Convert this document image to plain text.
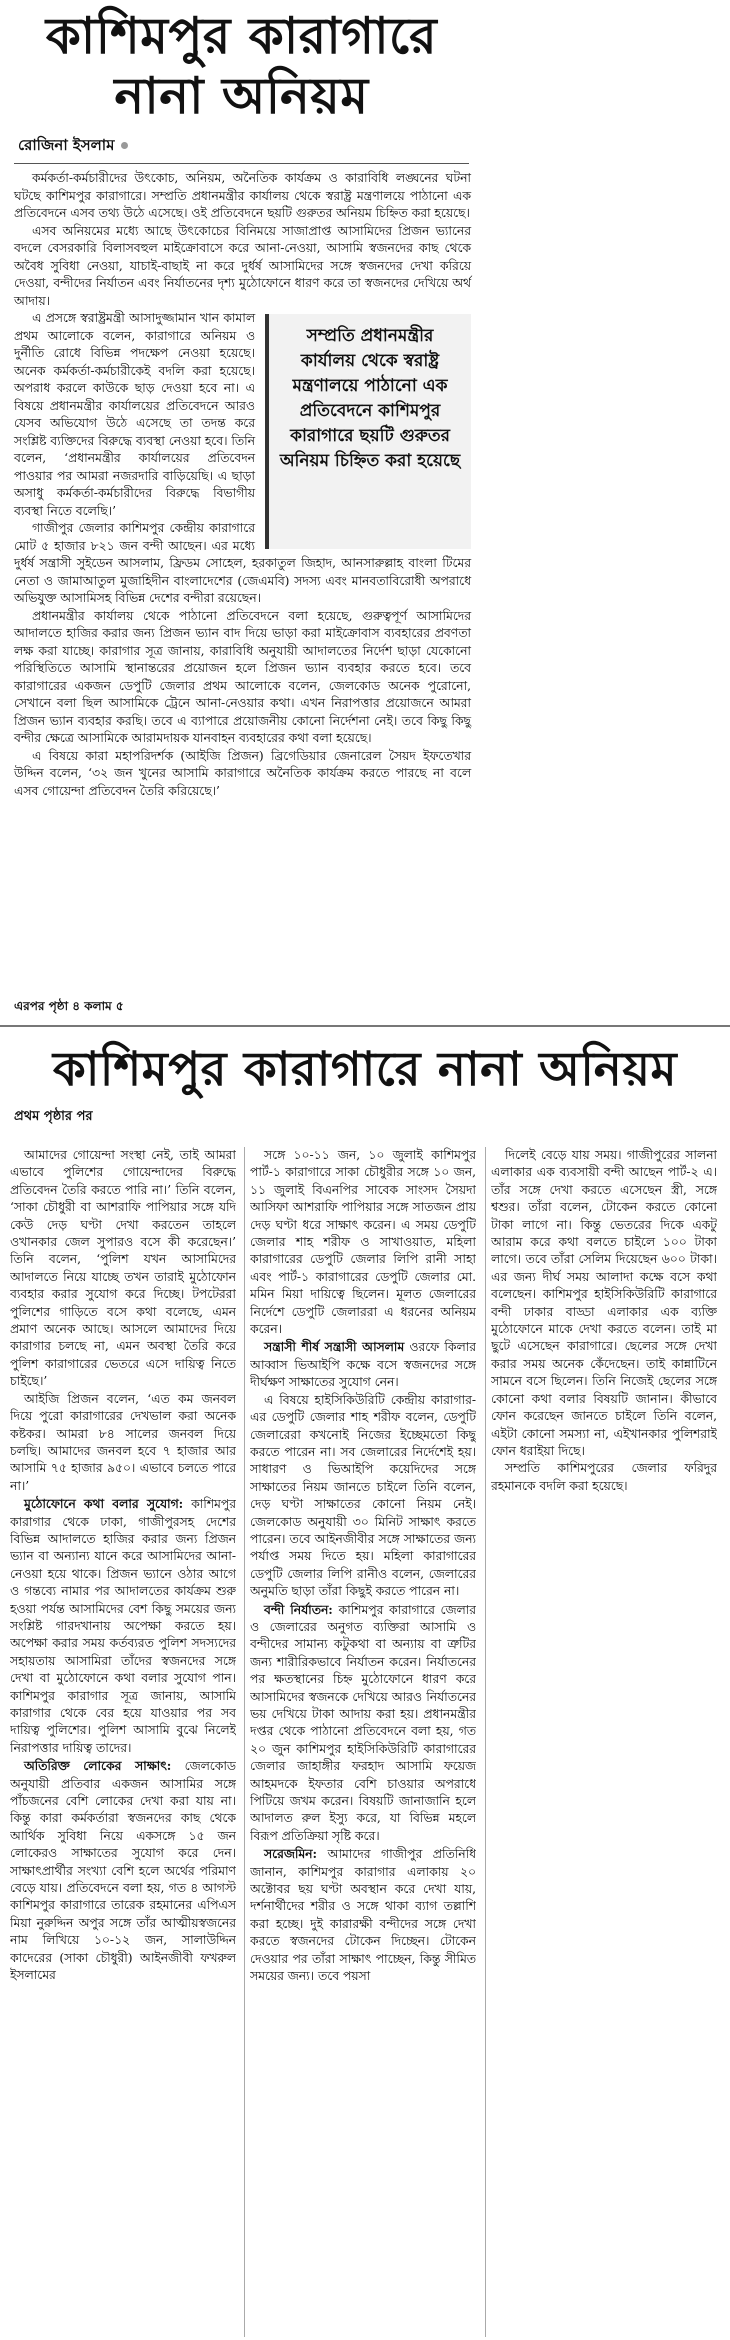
কাশিমপুর কারাগারে
নানা অনিয়ম
রোজিনা ইসলাম

কর্মকর্তা-কর্মচারীদের উৎকোচ, অনিয়ম, অনৈতিক কার্যক্রম ও কারাবিধি লঙ্ঘনের ঘটনা ঘটছে কাশিমপুর কারাগারে। সম্প্রতি প্রধানমন্ত্রীর কার্যালয় থেকে স্বরাষ্ট্র মন্ত্রণালয়ে পাঠানো এক প্রতিবেদনে এসব তথ্য উঠে এসেছে। ওই প্রতিবেদনে ছয়টি গুরুতর অনিয়ম চিহ্নিত করা হয়েছে।

এসব অনিয়মের মধ্যে আছে উৎকোচের বিনিময়ে সাজাপ্রাপ্ত আসামিদের প্রিজন ভ্যানের বদলে বেসরকারি বিলাসবহুল মাইক্রোবাসে করে আনা-নেওয়া, আসামি স্বজনদের কাছ থেকে অবৈধ সুবিধা নেওয়া, যাচাই-বাছাই না করে দুর্ধর্ষ আসামিদের সঙ্গে স্বজনদের দেখা করিয়ে দেওয়া, বন্দীদের নির্যাতন এবং নির্যাতনের দৃশ্য মুঠোফোনে ধারণ করে তা স্বজনদের দেখিয়ে অর্থ আদায়।

সম্প্রতি প্রধানমন্ত্রীর কার্যালয় থেকে স্বরাষ্ট্র মন্ত্রণালয়ে পাঠানো এক প্রতিবেদনে কাশিমপুর কারাগারে ছয়টি গুরুতর অনিয়ম চিহ্নিত করা হয়েছে

এ প্রসঙ্গে স্বরাষ্ট্রমন্ত্রী আসাদুজ্জামান খান কামাল প্রথম আলোকে বলেন, কারাগারে অনিয়ম ও দুর্নীতি রোধে বিভিন্ন পদক্ষেপ নেওয়া হয়েছে। অনেক কর্মকর্তা-কর্মচারীকেই বদলি করা হয়েছে। অপরাধ করলে কাউকে ছাড় দেওয়া হবে না। এ বিষয়ে প্রধানমন্ত্রীর কার্যালয়ের প্রতিবেদনে আরও যেসব অভিযোগ উঠে এসেছে তা তদন্ত করে সংশ্লিষ্ট ব্যক্তিদের বিরুদ্ধে ব্যবস্থা নেওয়া হবে। তিনি বলেন, ‘প্রধানমন্ত্রীর কার্যালয়ের প্রতিবেদন পাওয়ার পর আমরা নজরদারি বাড়িয়েছি। এ ছাড়া অসাধু কর্মকর্তা-কর্মচারীদের বিরুদ্ধে বিভাগীয় ব্যবস্থা নিতে বলেছি।’

গাজীপুর জেলার কাশিমপুর কেন্দ্রীয় কারাগারে মোট ৫ হাজার ৮২১ জন বন্দী আছেন। এর মধ্যে দুর্ধর্ষ সন্ত্রাসী সুইডেন আসলাম, ফ্রিডম সোহেল, হরকাতুল জিহাদ, আনসারুল্লাহ বাংলা টিমের নেতা ও জামাআতুল মুজাহিদীন বাংলাদেশের (জেএমবি) সদস্য এবং মানবতাবিরোধী অপরাধে অভিযুক্ত আসামিসহ বিভিন্ন দেশের বন্দীরা রয়েছেন।

প্রধানমন্ত্রীর কার্যালয় থেকে পাঠানো প্রতিবেদনে বলা হয়েছে, গুরুত্বপূর্ণ আসামিদের আদালতে হাজির করার জন্য প্রিজন ভ্যান বাদ দিয়ে ভাড়া করা মাইক্রোবাস ব্যবহারের প্রবণতা লক্ষ করা যাচ্ছে। কারাগার সূত্র জানায়, কারাবিধি অনুযায়ী আদালতের নির্দেশ ছাড়া যেকোনো পরিস্থিতিতে আসামি স্থানান্তরের প্রয়োজন হলে প্রিজন ভ্যান ব্যবহার করতে হবে। তবে কারাগারের একজন ডেপুটি জেলার প্রথম আলোকে বলেন, জেলকোড অনেক পুরোনো, সেখানে বলা ছিল আসামিকে ট্রেনে আনা-নেওয়ার কথা। এখন নিরাপত্তার প্রয়োজনে আমরা প্রিজন ভ্যান ব্যবহার করছি। তবে এ ব্যাপারে প্রয়োজনীয় কোনো নির্দেশনা নেই। তবে কিছু কিছু বন্দীর ক্ষেত্রে আসামিকে আরামদায়ক যানবাহন ব্যবহারের কথা বলা হয়েছে।

এ বিষয়ে কারা মহাপরিদর্শক (আইজি প্রিজন) ব্রিগেডিয়ার জেনারেল সৈয়দ ইফতেখার উদ্দিন বলেন, ‘৩২ জন খুনের আসামি কারাগারে অনৈতিক কার্যক্রম করতে পারছে না বলে এসব গোয়েন্দা প্রতিবেদন তৈরি করিয়েছে।’

এরপর পৃষ্ঠা ৪ কলাম ৫
কাশিমপুর কারাগারে নানা অনিয়ম
প্রথম পৃষ্ঠার পর

আমাদের গোয়েন্দা সংস্থা নেই, তাই আমরা এভাবে পুলিশের গোয়েন্দাদের বিরুদ্ধে প্রতিবেদন তৈরি করতে পারি না।’ তিনি বলেন, ‘সাকা চৌধুরী বা আশরাফি পাপিয়ার সঙ্গে যদি কেউ দেড় ঘণ্টা দেখা করতেন তাহলে ওখানকার জেল সুপারও বসে কী করেছেন।’ তিনি বলেন, ‘পুলিশ যখন আসামিদের আদালতে নিয়ে যাচ্ছে তখন তারাই মুঠোফোন ব্যবহার করার সুযোগ করে দিচ্ছে। টপটেররা পুলিশের গাড়িতে বসে কথা বলেছে, এমন প্রমাণ অনেক আছে। আসলে আমাদের দিয়ে কারাগার চলছে না, এমন অবস্থা তৈরি করে পুলিশ কারাগারের ভেতরে এসে দায়িত্ব নিতে চাইছে।’

আইজি প্রিজন বলেন, ‘এত কম জনবল দিয়ে পুরো কারাগারের দেখভাল করা অনেক কষ্টকর। আমরা ৮৪ সালের জনবল দিয়ে চলছি। আমাদের জনবল হবে ৭ হাজার আর আসামি ৭৫ হাজার ৯৫০। এভাবে চলতে পারে না।’

মুঠোফোনে কথা বলার সুযোগ: কাশিমপুর কারাগার থেকে ঢাকা, গাজীপুরসহ দেশের বিভিন্ন আদালতে হাজির করার জন্য প্রিজন ভ্যান বা অন্যান্য যানে করে আসামিদের আনা-নেওয়া হয়ে থাকে। প্রিজন ভ্যানে ওঠার আগে ও গন্তব্যে নামার পর আদালতের কার্যক্রম শুরু হওয়া পর্যন্ত আসামিদের বেশ কিছু সময়ের জন্য সংশ্লিষ্ট গারদখানায় অপেক্ষা করতে হয়। অপেক্ষা করার সময় কর্তব্যরত পুলিশ সদস্যদের সহায়তায় আসামিরা তাঁদের স্বজনদের সঙ্গে দেখা বা মুঠোফোনে কথা বলার সুযোগ পান। কাশিমপুর কারাগার সূত্র জানায়, আসামি কারাগার থেকে বের হয়ে যাওয়ার পর সব দায়িত্ব পুলিশের। পুলিশ আসামি বুঝে নিলেই নিরাপত্তার দায়িত্ব তাদের।

অতিরিক্ত লোকের সাক্ষাৎ: জেলকোড অনুযায়ী প্রতিবার একজন আসামির সঙ্গে পাঁচজনের বেশি লোকের দেখা করা যায় না। কিন্তু কারা কর্মকর্তারা স্বজনদের কাছ থেকে আর্থিক সুবিধা নিয়ে একসঙ্গে ১৫ জন লোকেরও সাক্ষাতের সুযোগ করে দেন। সাক্ষাৎপ্রার্থীর সংখ্যা বেশি হলে অর্থের পরিমাণ বেড়ে যায়। প্রতিবেদনে বলা হয়, গত ৪ আগস্ট কাশিমপুর কারাগারে তারেক রহমানের এপিএস মিয়া নুরুদ্দিন অপুর সঙ্গে তাঁর আত্মীয়স্বজনের নাম লিখিয়ে ১০-১২ জন, সালাউদ্দিন কাদেরের (সাকা চৌধুরী) আইনজীবী ফখরুল ইসলামের

সঙ্গে ১০-১১ জন, ১০ জুলাই কাশিমপুর পার্ট-১ কারাগারে সাকা চৌধুরীর সঙ্গে ১০ জন, ১১ জুলাই বিএনপির সাবেক সাংসদ সৈয়দা আসিফা আশরাফি পাপিয়ার সঙ্গে সাতজন প্রায় দেড় ঘণ্টা ধরে সাক্ষাৎ করেন। এ সময় ডেপুটি জেলার শাহ শরীফ ও সাখাওয়াত, মহিলা কারাগারের ডেপুটি জেলার লিপি রানী সাহা এবং পার্ট-১ কারাগারের ডেপুটি জেলার মো. মমিন মিয়া দায়িত্বে ছিলেন। মূলত জেলারের নির্দেশে ডেপুটি জেলাররা এ ধরনের অনিয়ম করেন।

সন্ত্রাসী শীর্ষ সন্ত্রাসী আসলাম ওরফে কিলার আব্বাস ভিআইপি কক্ষে বসে স্বজনদের সঙ্গে দীর্ঘক্ষণ সাক্ষাতের সুযোগ নেন।

এ বিষয়ে হাইসিকিউরিটি কেন্দ্রীয় কারাগার-এর ডেপুটি জেলার শাহ শরীফ বলেন, ডেপুটি জেলারেরা কখনোই নিজের ইচ্ছেমতো কিছু করতে পারেন না। সব জেলারের নির্দেশেই হয়। সাধারণ ও ভিআইপি কয়েদিদের সঙ্গে সাক্ষাতের নিয়ম জানতে চাইলে তিনি বলেন, দেড় ঘণ্টা সাক্ষাতের কোনো নিয়ম নেই। জেলকোড অনুযায়ী ৩০ মিনিট সাক্ষাৎ করতে পারেন। তবে আইনজীবীর সঙ্গে সাক্ষাতের জন্য পর্যাপ্ত সময় দিতে হয়। মহিলা কারাগারের ডেপুটি জেলার লিপি রানীও বলেন, জেলারের অনুমতি ছাড়া তাঁরা কিছুই করতে পারেন না।

বন্দী নির্যাতন: কাশিমপুর কারাগারে জেলার ও জেলারের অনুগত ব্যক্তিরা আসামি ও বন্দীদের সামান্য কটুকথা বা অন্যায় বা ত্রুটির জন্য শারীরিকভাবে নির্যাতন করেন। নির্যাতনের পর ক্ষতস্থানের চিহ্ন মুঠোফোনে ধারণ করে আসামিদের স্বজনকে দেখিয়ে আরও নির্যাতনের ভয় দেখিয়ে টাকা আদায় করা হয়। প্রধানমন্ত্রীর দপ্তর থেকে পাঠানো প্রতিবেদনে বলা হয়, গত ২০ জুন কাশিমপুর হাইসিকিউরিটি কারাগারের জেলার জাহাঙ্গীর ফরহাদ আসামি ফয়েজ আহমদকে ইফতার বেশি চাওয়ার অপরাধে পিটিয়ে জখম করেন। বিষয়টি জানাজানি হলে আদালত রুল ইস্যু করে, যা বিভিন্ন মহলে বিরূপ প্রতিক্রিয়া সৃষ্টি করে।

সরেজমিন: আমাদের গাজীপুর প্রতিনিধি জানান, কাশিমপুর কারাগার এলাকায় ২০ অক্টোবর ছয় ঘণ্টা অবস্থান করে দেখা যায়, দর্শনার্থীদের শরীর ও সঙ্গে থাকা ব্যাগ তল্লাশি করা হচ্ছে। দুই কারারক্ষী বন্দীদের সঙ্গে দেখা করতে স্বজনদের টোকেন দিচ্ছেন। টোকেন দেওয়ার পর তাঁরা সাক্ষাৎ পাচ্ছেন, কিন্তু সীমিত সময়ের জন্য। তবে পয়সা

দিলেই বেড়ে যায় সময়। গাজীপুরের সালনা এলাকার এক ব্যবসায়ী বন্দী আছেন পার্ট-২ এ। তাঁর সঙ্গে দেখা করতে এসেছেন স্ত্রী, সঙ্গে শ্বশুর। তাঁরা বলেন, টোকেন করতে কোনো টাকা লাগে না। কিন্তু ভেতরের দিকে একটু আরাম করে কথা বলতে চাইলে ১০০ টাকা লাগে। তবে তাঁরা সেলিম দিয়েছেন ৬০০ টাকা। এর জন্য দীর্ঘ সময় আলাদা কক্ষে বসে কথা বলেছেন। কাশিমপুর হাইসিকিউরিটি কারাগারে বন্দী ঢাকার বাড্ডা এলাকার এক ব্যক্তি মুঠোফোনে মাকে দেখা করতে বলেন। তাই মা ছুটে এসেছেন কারাগারে। ছেলের সঙ্গে দেখা করার সময় অনেক কেঁদেছেন। তাই কান্নাটিনে সামনে বসে ছিলেন। তিনি নিজেই ছেলের সঙ্গে কোনো কথা বলার বিষয়টি জানান। কীভাবে ফোন করেছেন জানতে চাইলে তিনি বলেন, এইটা কোনো সমস্যা না, এইখানকার পুলিশরাই ফোন ধরাইয়া দিছে।

সম্প্রতি কাশিমপুরের জেলার ফরিদুর রহমানকে বদলি করা হয়েছে।
